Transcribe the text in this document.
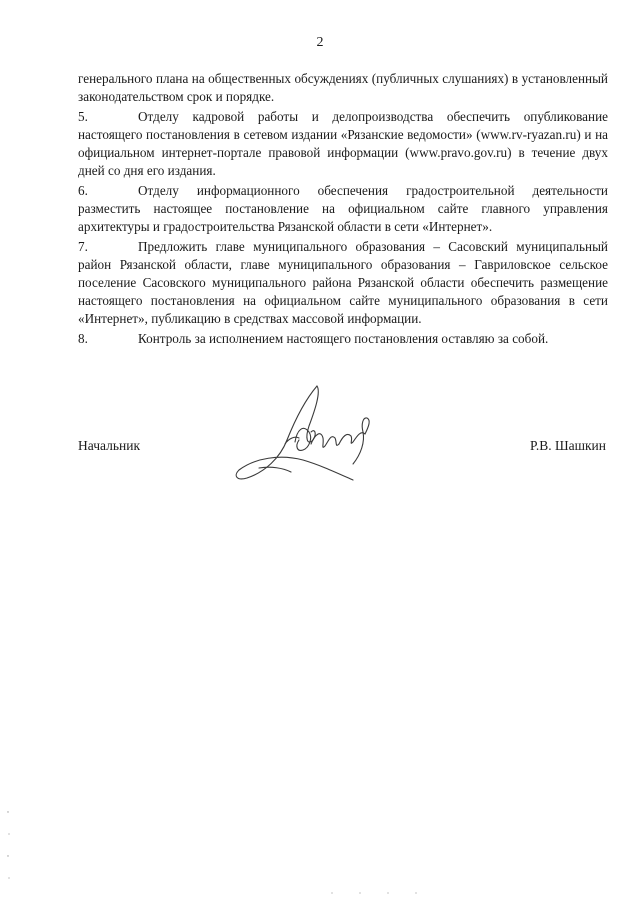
2

генерального плана на общественных обсуждениях (публичных слушаниях) в установленный законодательством срок и порядке.

5.	Отделу кадровой работы и делопроизводства обеспечить опубликование настоящего постановления в сетевом издании «Рязанские ведомости» (www.rv-ryazan.ru) и на официальном интернет-портале правовой информации (www.pravo.gov.ru) в течение двух дней со дня его издания.

6.	Отделу информационного обеспечения градостроительной деятельности разместить настоящее постановление на официальном сайте главного управления архитектуры и градостроительства Рязанской области в сети «Интернет».

7.	Предложить главе муниципального образования – Сасовский муниципальный район Рязанской области, главе муниципального образования – Гавриловское сельское поселение Сасовского муниципального района Рязанской области обеспечить размещение настоящего постановления на официальном сайте муниципального образования в сети «Интернет», публикацию в средствах массовой информации.

8.	Контроль за исполнением настоящего постановления оставляю за собой.

Начальник	Р.В. Шашкин
